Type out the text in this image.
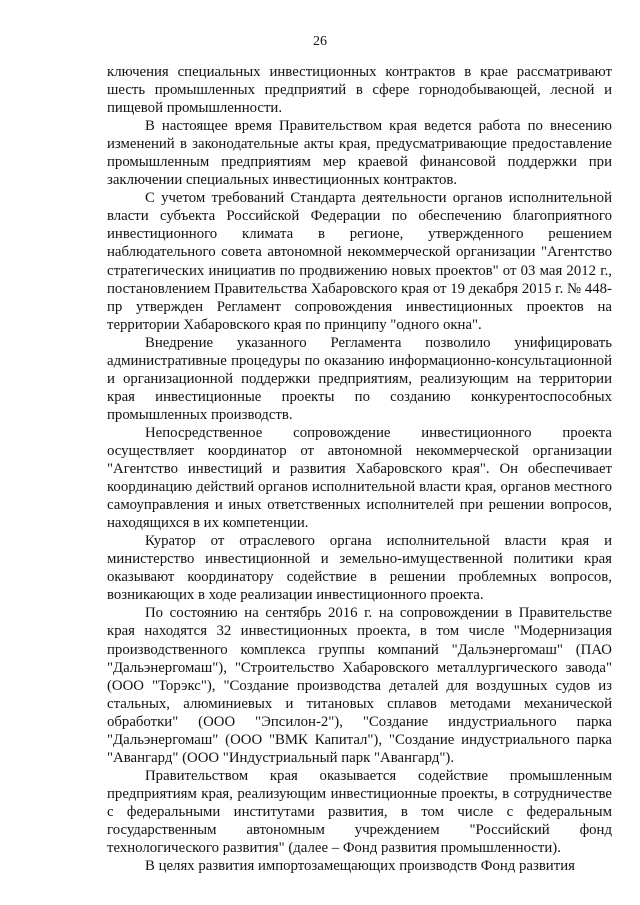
26

ключения специальных инвестиционных контрактов в крае рассматривают шесть промышленных предприятий в сфере горнодобывающей, лесной и пищевой промышленности.

В настоящее время Правительством края ведется работа по внесению изменений в законодательные акты края, предусматривающие предоставление промышленным предприятиям мер краевой финансовой поддержки при заключении специальных инвестиционных контрактов.

С учетом требований Стандарта деятельности органов исполнительной власти субъекта Российской Федерации по обеспечению благоприятного инвестиционного климата в регионе, утвержденного решением наблюдательного совета автономной некоммерческой организации "Агентство стратегических инициатив по продвижению новых проектов" от 03 мая 2012 г., постановлением Правительства Хабаровского края от 19 декабря 2015 г. № 448-пр утвержден Регламент сопровождения инвестиционных проектов на территории Хабаровского края по принципу "одного окна".

Внедрение указанного Регламента позволило унифицировать административные процедуры по оказанию информационно-консультационной и организационной поддержки предприятиям, реализующим на территории края инвестиционные проекты по созданию конкурентоспособных промышленных производств.

Непосредственное сопровождение инвестиционного проекта осуществляет координатор от автономной некоммерческой организации "Агентство инвестиций и развития Хабаровского края". Он обеспечивает координацию действий органов исполнительной власти края, органов местного самоуправления и иных ответственных исполнителей при решении вопросов, находящихся в их компетенции.

Куратор от отраслевого органа исполнительной власти края и министерство инвестиционной и земельно-имущественной политики края оказывают координатору содействие в решении проблемных вопросов, возникающих в ходе реализации инвестиционного проекта.

По состоянию на сентябрь 2016 г. на сопровождении в Правительстве края находятся 32 инвестиционных проекта, в том числе "Модернизация производственного комплекса группы компаний "Дальэнергомаш" (ПАО "Дальэнергомаш"), "Строительство Хабаровского металлургического завода" (ООО "Торэкс"), "Создание производства деталей для воздушных судов из стальных, алюминиевых и титановых сплавов методами механической обработки" (ООО "Эпсилон-2"), "Создание индустриального парка "Дальэнергомаш" (ООО "ВМК Капитал"), "Создание индустриального парка "Авангард" (ООО "Индустриальный парк "Авангард").

Правительством края оказывается содействие промышленным предприятиям края, реализующим инвестиционные проекты, в сотрудничестве с федеральными институтами развития, в том числе с федеральным государственным автономным учреждением "Российский фонд технологического развития" (далее – Фонд развития промышленности).

В целях развития импортозамещающих производств Фонд развития
